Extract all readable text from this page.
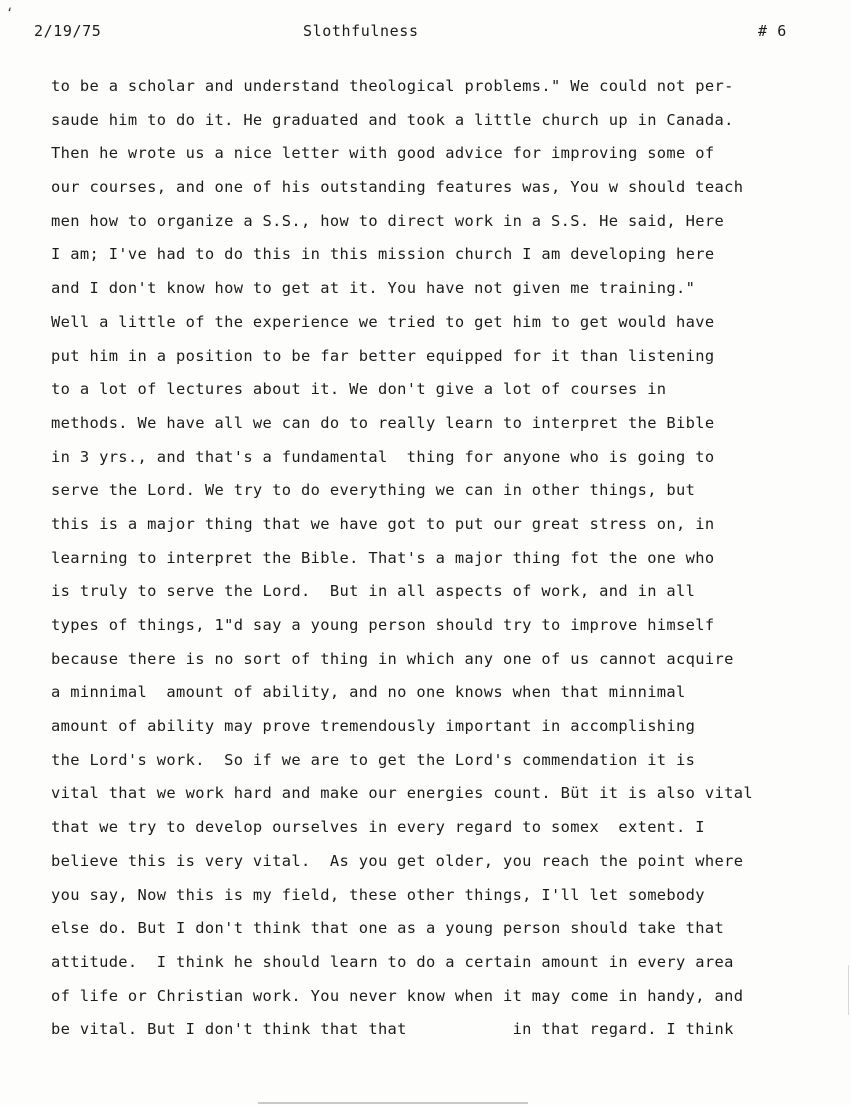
‘
2/19/75	Slothfulness	# 6
to be a scholar and understand theological problems." We could not per-
saude him to do it. He graduated and took a little church up in Canada.
Then he wrote us a nice letter with good advice for improving some of
our courses, and one of his outstanding features was, You w should teach
men how to organize a S.S., how to direct work in a S.S. He said, Here
I am; I've had to do this in this mission church I am developing here
and I don't know how to get at it. You have not given me training."
Well a little of the experience we tried to get him to get would have
put him in a position to be far better equipped for it than listening
to a lot of lectures about it. We don't give a lot of courses in
methods. We have all we can do to really learn to interpret the Bible
in 3 yrs., and that's a fundamental  thing for anyone who is going to
serve the Lord. We try to do everything we can in other things, but
this is a major thing that we have got to put our great stress on, in
learning to interpret the Bible. That's a major thing fot the one who
is truly to serve the Lord.  But in all aspects of work, and in all
types of things, 1"d say a young person should try to improve himself
because there is no sort of thing in which any one of us cannot acquire
a minnimal  amount of ability, and no one knows when that minnimal
amount of ability may prove tremendously important in accomplishing
the Lord's work.  So if we are to get the Lord's commendation it is
vital that we work hard and make our energies count. Büt it is also vital
that we try to develop ourselves in every regard to somex  extent. I
believe this is very vital.  As you get older, you reach the point where
you say, Now this is my field, these other things, I'll let somebody
else do. But I don't think that one as a young person should take that
attitude.  I think he should learn to do a certain amount in every area
of life or Christian work. You never know when it may come in handy, and
be vital. But I don't think that that           in that regard. I think
